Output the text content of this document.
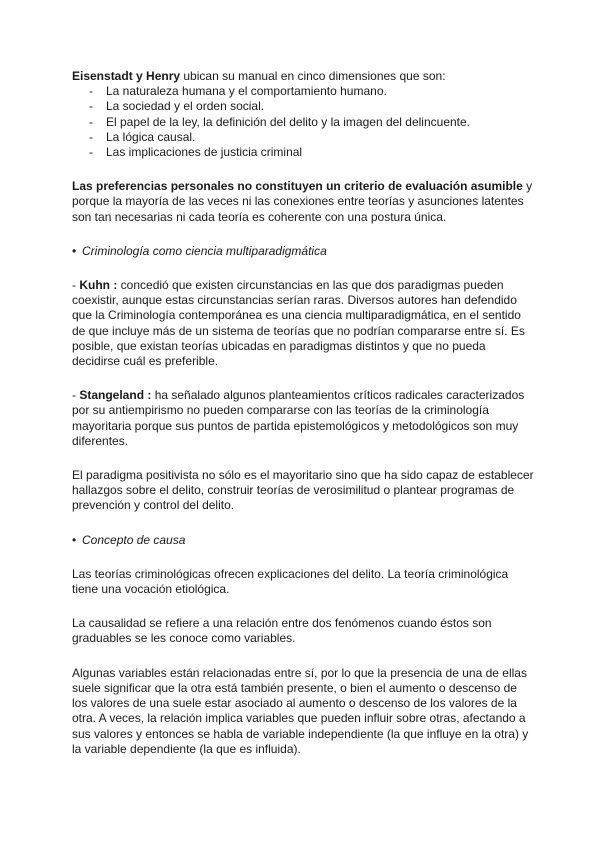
Eisenstadt y Henry ubican su manual en cinco dimensiones que son:

- La naturaleza humana y el comportamiento humano.
- La sociedad y el orden social.
- El papel de la ley, la definición del delito y la imagen del delincuente.
- La lógica causal.
- Las implicaciones de justicia criminal

Las preferencias personales no constituyen un criterio de evaluación asumible y porque la mayoría de las veces ni las conexiones entre teorías y asunciones latentes son tan necesarias ni cada teoría es coherente con una postura única.

• Criminología como ciencia multiparadigmática

- Kuhn : concedió que existen circunstancias en las que dos paradigmas pueden coexistir, aunque estas circunstancias serían raras. Diversos autores han defendido que la Criminología contemporánea es una ciencia multiparadigmática, en el sentido de que incluye más de un sistema de teorías que no podrían compararse entre sí. Es posible, que existan teorías ubicadas en paradigmas distintos y que no pueda decidirse cuál es preferible.

- Stangeland : ha señalado algunos planteamientos críticos radicales caracterizados por su antiempirismo no pueden compararse con las teorías de la criminología mayoritaria porque sus puntos de partida epistemológicos y metodológicos son muy diferentes.

El paradigma positivista no sólo es el mayoritario sino que ha sido capaz de establecer hallazgos sobre el delito, construir teorías de verosimilitud o plantear programas de prevención y control del delito.

• Concepto de causa

Las teorías criminológicas ofrecen explicaciones del delito. La teoría criminológica tiene una vocación etiológica.

La causalidad se refiere a una relación entre dos fenómenos cuando éstos son graduables se les conoce como variables.

Algunas variables están relacionadas entre sí, por lo que la presencia de una de ellas suele significar que la otra está también presente, o bien el aumento o descenso de los valores de una suele estar asociado al aumento o descenso de los valores de la otra. A veces, la relación implica variables que pueden influir sobre otras, afectando a sus valores y entonces se habla de variable independiente (la que influye en la otra) y la variable dependiente (la que es influida).
